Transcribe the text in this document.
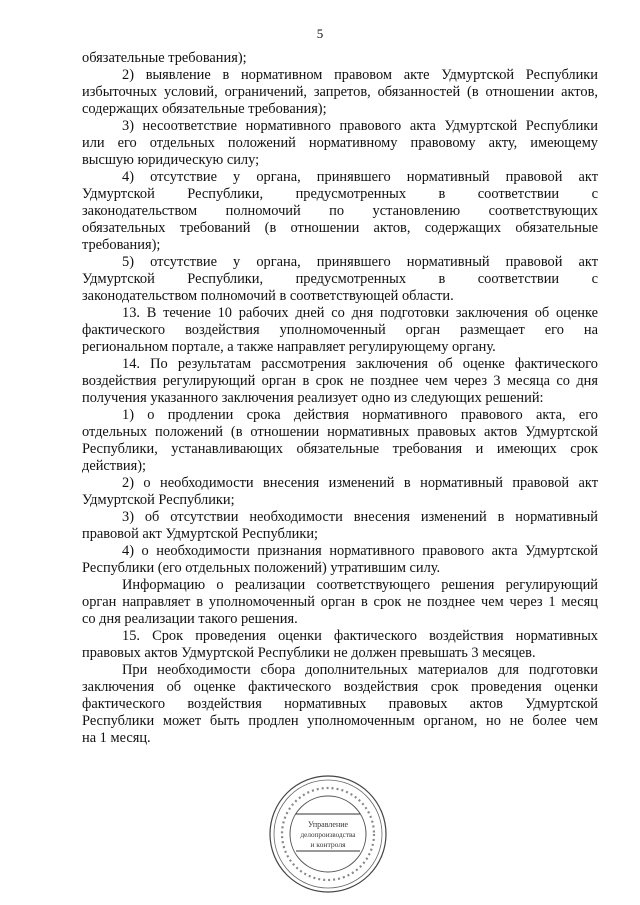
5
обязательные требования);
2) выявление в нормативном правовом акте Удмуртской Республики
избыточных условий, ограничений, запретов, обязанностей (в отношении актов,
содержащих обязательные требования);
3) несоответствие нормативного правового акта Удмуртской Республики
или его отдельных положений нормативному правовому акту, имеющему
высшую юридическую силу;
4) отсутствие у органа, принявшего нормативный правовой акт
Удмуртской Республики, предусмотренных в соответствии с
законодательством полномочий по установлению соответствующих
обязательных требований (в отношении актов, содержащих обязательные
требования);
5) отсутствие у органа, принявшего нормативный правовой акт
Удмуртской Республики, предусмотренных в соответствии с
законодательством полномочий в соответствующей области.
13. В течение 10 рабочих дней со дня подготовки заключения об оценке
фактического воздействия уполномоченный орган размещает его на
региональном портале, а также направляет регулирующему органу.
14. По результатам рассмотрения заключения об оценке фактического
воздействия регулирующий орган в срок не позднее чем через 3 месяца со дня
получения указанного заключения реализует одно из следующих решений:
1) о продлении срока действия нормативного правового акта, его
отдельных положений (в отношении нормативных правовых актов Удмуртской
Республики, устанавливающих обязательные требования и имеющих срок
действия);
2) о необходимости внесения изменений в нормативный правовой акт
Удмуртской Республики;
3) об отсутствии необходимости внесения изменений в нормативный
правовой акт Удмуртской Республики;
4) о необходимости признания нормативного правового акта Удмуртской
Республики (его отдельных положений) утратившим силу.
Информацию о реализации соответствующего решения регулирующий
орган направляет в уполномоченный орган в срок не позднее чем через 1 месяц
со дня реализации такого решения.
15. Срок проведения оценки фактического воздействия нормативных
правовых актов Удмуртской Республики не должен превышать 3 месяцев.
При необходимости сбора дополнительных материалов для подготовки
заключения об оценке фактического воздействия срок проведения оценки
фактического воздействия нормативных правовых актов Удмуртской
Республики может быть продлен уполномоченным органом, но не более чем
на 1 месяц.
Управление
делопроизводства
и контроля
